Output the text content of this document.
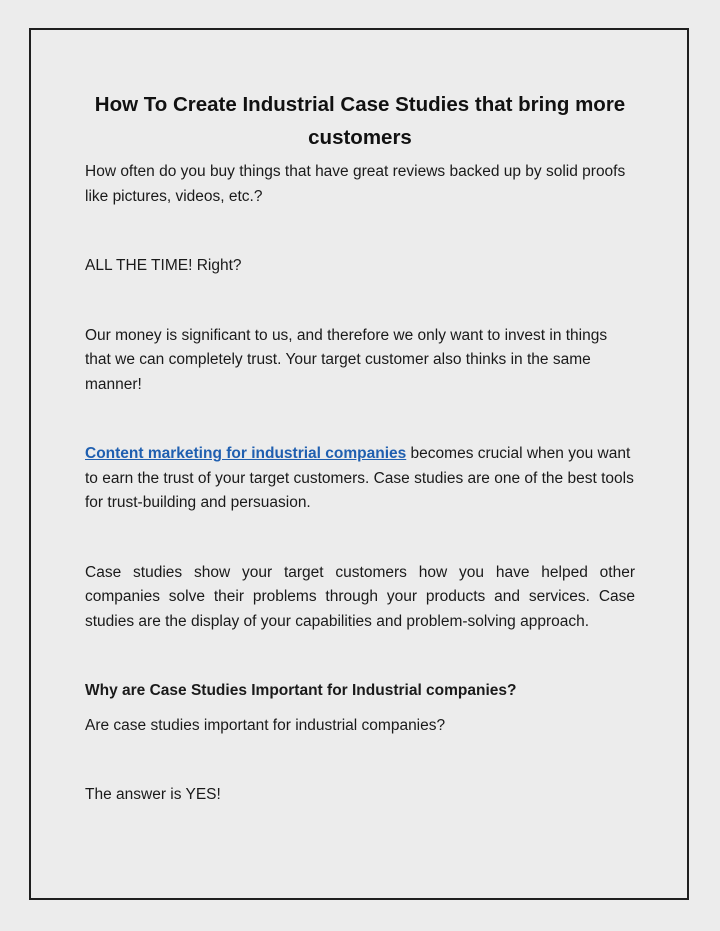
How To Create Industrial Case Studies that bring more customers

How often do you buy things that have great reviews backed up by solid proofs like pictures, videos, etc.?

ALL THE TIME! Right?

Our money is significant to us, and therefore we only want to invest in things that we can completely trust. Your target customer also thinks in the same manner!

Content marketing for industrial companies becomes crucial when you want to earn the trust of your target customers. Case studies are one of the best tools for trust-building and persuasion.

Case studies show your target customers how you have helped other companies solve their problems through your products and services. Case studies are the display of your capabilities and problem-solving approach.

Why are Case Studies Important for Industrial companies?

Are case studies important for industrial companies?

The answer is YES!
